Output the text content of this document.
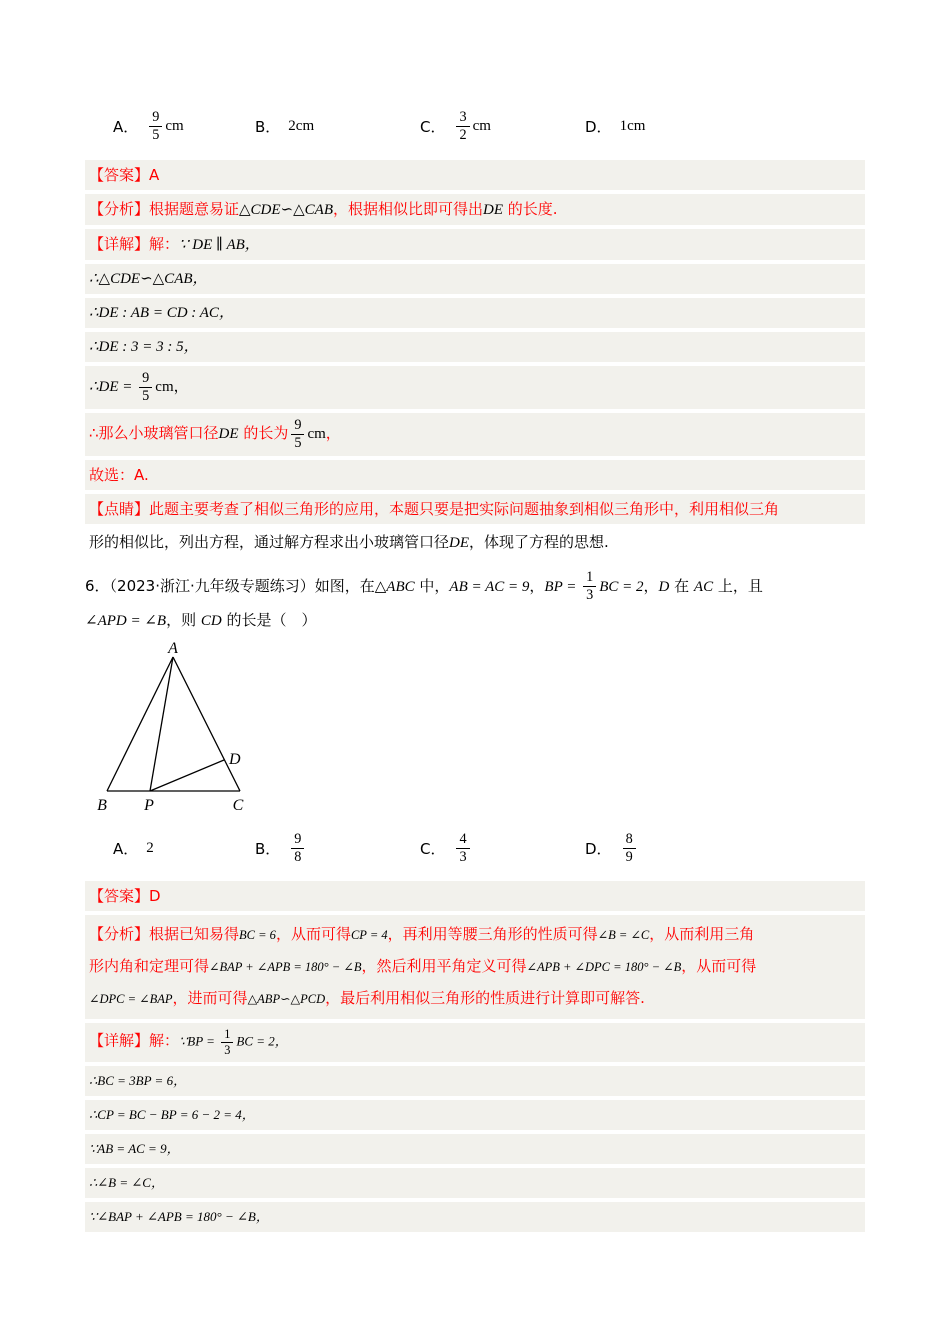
A． $\frac{9}{5}$ cm	B． 2cm	C． $\frac{3}{2}$ cm	D． 1cm
【答案】A
【分析】根据题意易证△CDE∽△CAB，根据相似比即可得出DE 的长度.
【详解】解：∵ DE ∥ AB，
∴△CDE∽△CAB，
∴DE : AB = CD : AC，
∴DE : 3 = 3 : 5，
∴DE = $\frac{9}{5}$ cm，
∴那么小玻璃管口径DE 的长为 $\frac{9}{5}$ cm，
故选：A.
【点睛】此题主要考查了相似三角形的应用，本题只要是把实际问题抽象到相似三角形中，利用相似三角
形的相似比，列出方程，通过解方程求出小玻璃管口径DE，体现了方程的思想.
6．（2023·浙江·九年级专题练习）如图，在△ABC 中，AB = AC = 9，BP = $\frac{1}{3}$ BC = 2，D 在 AC 上，且
∠APD = ∠B，则 CD 的长是（　）
A
B P	C
D
A． 2	B． $\frac{9}{8}$	C． $\frac{4}{3}$	D． $\frac{8}{9}$
【答案】D
【分析】根据已知易得BC = 6，从而可得CP = 4，再利用等腰三角形的性质可得∠B = ∠C，从而利用三角
形内角和定理可得∠BAP + ∠APB = 180° − ∠B，然后利用平角定义可得∠APB + ∠DPC = 180° − ∠B，从而可得
∠DPC = ∠BAP，进而可得△ABP∽△PCD，最后利用相似三角形的性质进行计算即可解答.
【详解】解：∵BP = $\frac{1}{3}$ BC = 2，
∴BC = 3BP = 6，
∴CP = BC − BP = 6 − 2 = 4，
∵AB = AC = 9，
∴∠B = ∠C，
∵∠BAP + ∠APB = 180° − ∠B，
